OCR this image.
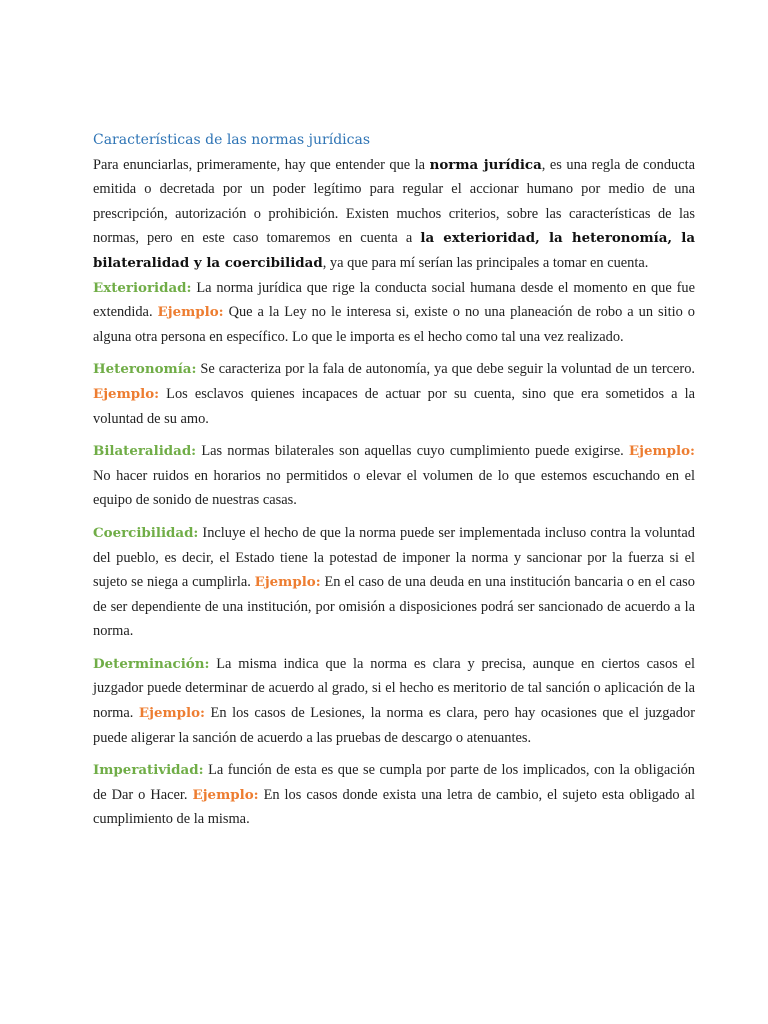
Características de las normas jurídicas

Para enunciarlas, primeramente, hay que entender que la norma jurídica, es una regla de conducta emitida o decretada por un poder legítimo para regular el accionar humano por medio de una prescripción, autorización o prohibición. Existen muchos criterios, sobre las características de las normas, pero en este caso tomaremos en cuenta a la exterioridad, la heteronomía, la bilateralidad y la coercibilidad, ya que para mí serían las principales a tomar en cuenta.

Exterioridad: La norma jurídica que rige la conducta social humana desde el momento en que fue extendida. Ejemplo: Que a la Ley no le interesa si, existe o no una planeación de robo a un sitio o alguna otra persona en específico. Lo que le importa es el hecho como tal una vez realizado.

Heteronomía: Se caracteriza por la fala de autonomía, ya que debe seguir la voluntad de un tercero. Ejemplo: Los esclavos quienes incapaces de actuar por su cuenta, sino que era sometidos a la voluntad de su amo.

Bilateralidad: Las normas bilaterales son aquellas cuyo cumplimiento puede exigirse. Ejemplo: No hacer ruidos en horarios no permitidos o elevar el volumen de lo que estemos escuchando en el equipo de sonido de nuestras casas.

Coercibilidad: Incluye el hecho de que la norma puede ser implementada incluso contra la voluntad del pueblo, es decir, el Estado tiene la potestad de imponer la norma y sancionar por la fuerza si el sujeto se niega a cumplirla. Ejemplo: En el caso de una deuda en una institución bancaria o en el caso de ser dependiente de una institución, por omisión a disposiciones podrá ser sancionado de acuerdo a la norma.

Determinación: La misma indica que la norma es clara y precisa, aunque en ciertos casos el juzgador puede determinar de acuerdo al grado, si el hecho es meritorio de tal sanción o aplicación de la norma. Ejemplo: En los casos de Lesiones, la norma es clara, pero hay ocasiones que el juzgador puede aligerar la sanción de acuerdo a las pruebas de descargo o atenuantes.

Imperatividad: La función de esta es que se cumpla por parte de los implicados, con la obligación de Dar o Hacer. Ejemplo: En los casos donde exista una letra de cambio, el sujeto esta obligado al cumplimiento de la misma.
